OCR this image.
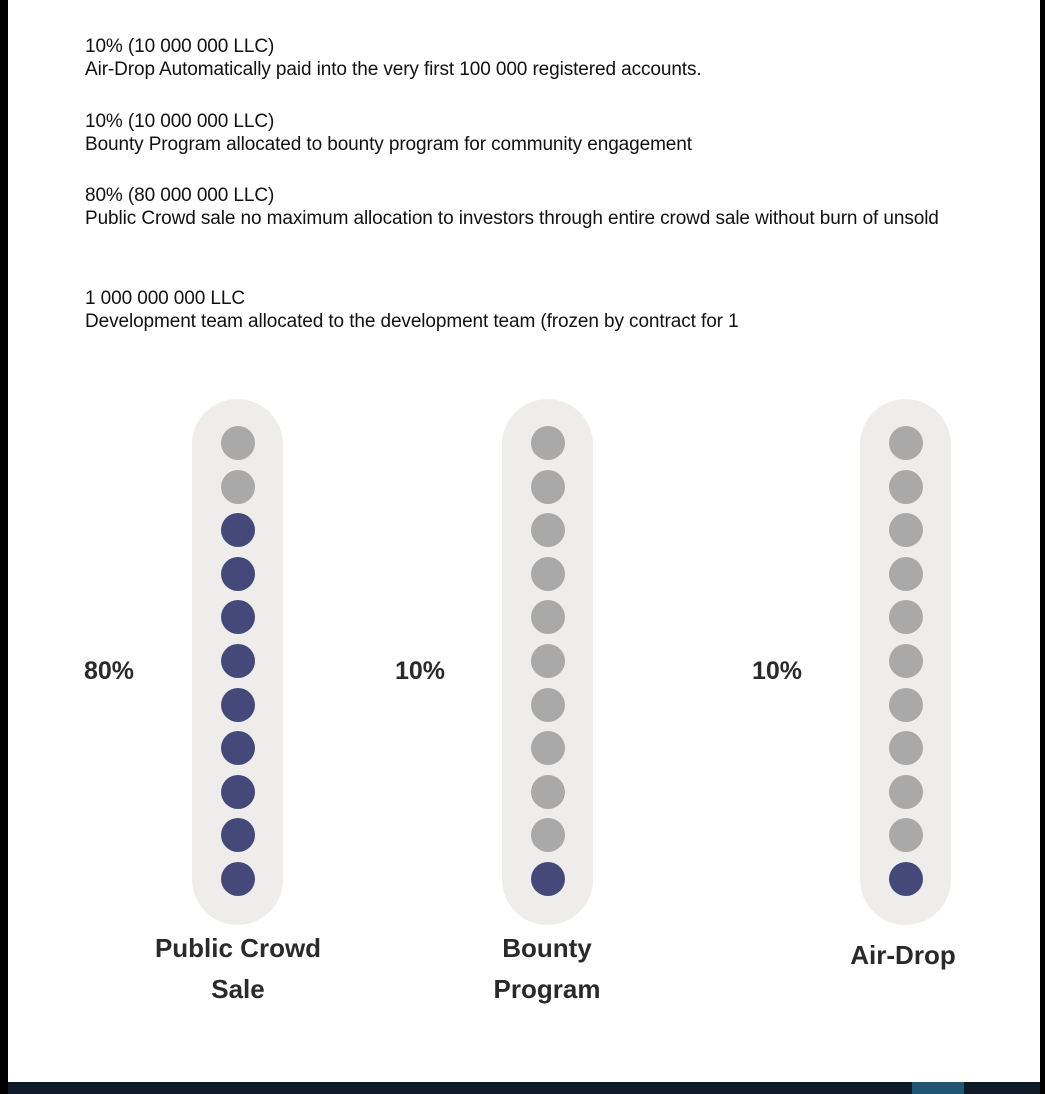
10% (10 000 000 LLC)
Air-Drop Automatically paid into the very first 100 000 registered accounts.
10% (10 000 000 LLC)
Bounty Program allocated to bounty program for community engagement
80% (80 000 000 LLC)
Public Crowd sale no maximum allocation to investors through entire crowd sale without burn of unsold
1 000 000 000 LLC
Development team allocated to the development team (frozen by contract for 1
80%
Public Crowd
Sale
10%
Bounty
Program
10%
Air-Drop
